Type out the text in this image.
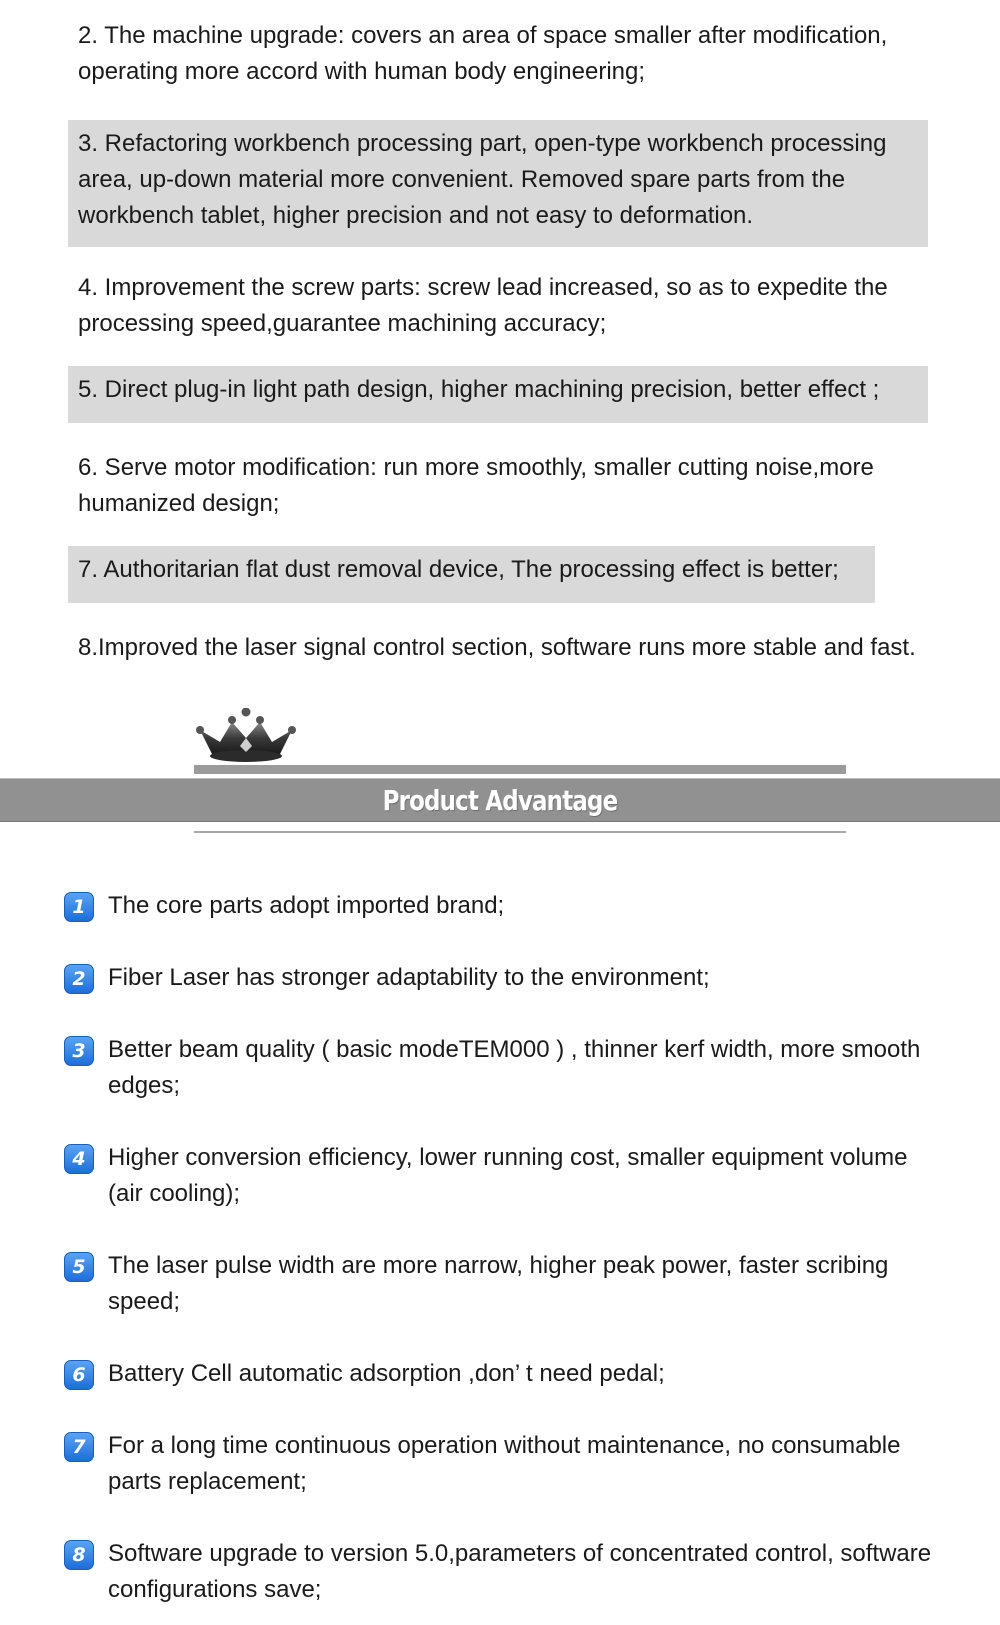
2. The machine upgrade: covers an area of space smaller after modification,
operating more accord with human body engineering;
3. Refactoring workbench processing part, open-type workbench processing
area, up-down material more convenient. Removed spare parts from the
workbench tablet, higher precision and not easy to deformation.
4. Improvement the screw parts: screw lead increased, so as to expedite the
processing speed,guarantee machining accuracy;
5. Direct plug-in light path design, higher machining precision, better effect ;
6. Serve motor modification: run more smoothly, smaller cutting noise,more
humanized design;
7. Authoritarian flat dust removal device, The processing effect is better;
8.Improved the laser signal control section, software runs more stable and fast.
Product Advantage
1 The core parts adopt imported brand;
2 Fiber Laser has stronger adaptability to the environment;
3 Better beam quality ( basic modeTEM000 ) , thinner kerf width, more smooth
edges;
4 Higher conversion efficiency, lower running cost, smaller equipment volume
(air cooling);
5 The laser pulse width are more narrow, higher peak power, faster scribing
speed;
6 Battery Cell automatic adsorption ,don’ t need pedal;
7 For a long time continuous operation without maintenance, no consumable
parts replacement;
8 Software upgrade to version 5.0,parameters of concentrated control, software
configurations save;
